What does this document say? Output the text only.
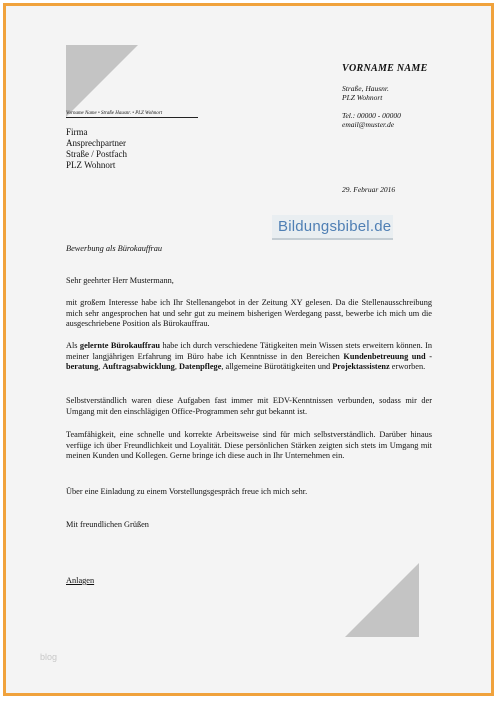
VORNAME NAME
Straße, Hausnr.
PLZ Wohnort
Tel.: 00000 - 00000
email@muster.de
Vorname Name • Straße Hausnr. • PLZ Wohnort
Firma
Ansprechpartner
Straße / Postfach
PLZ Wohnort
29. Februar 2016
Bildungsbibel.de
Bewerbung als Bürokauffrau
Sehr geehrter Herr Mustermann,
mit großem Interesse habe ich Ihr Stellenangebot in der Zeitung XY gelesen. Da die Stellenausschreibung mich sehr angesprochen hat und sehr gut zu meinem bisherigen Werdegang passt, bewerbe ich mich um die ausgeschriebene Position als Bürokauffrau.
Als gelernte Bürokauffrau habe ich durch verschiedene Tätigkeiten mein Wissen stets erweitern können. In meiner langjährigen Erfahrung im Büro habe ich Kenntnisse in den Bereichen Kundenbetreuung und -beratung, Auftragsabwicklung, Datenpflege, allgemeine Bürotätigkeiten und Projektassistenz erworben.
Selbstverständlich waren diese Aufgaben fast immer mit EDV-Kenntnissen verbunden, sodass mir der Umgang mit den einschlägigen Office-Programmen sehr gut bekannt ist.
Teamfähigkeit, eine schnelle und korrekte Arbeitsweise sind für mich selbstverständlich. Darüber hinaus verfüge ich über Freundlichkeit und Loyalität. Diese persönlichen Stärken zeigten sich stets im Umgang mit meinen Kunden und Kollegen. Gerne bringe ich diese auch in Ihr Unternehmen ein.
Über eine Einladung zu einem Vorstellungsgespräch freue ich mich sehr.
Mit freundlichen Grüßen
Anlagen
blog
